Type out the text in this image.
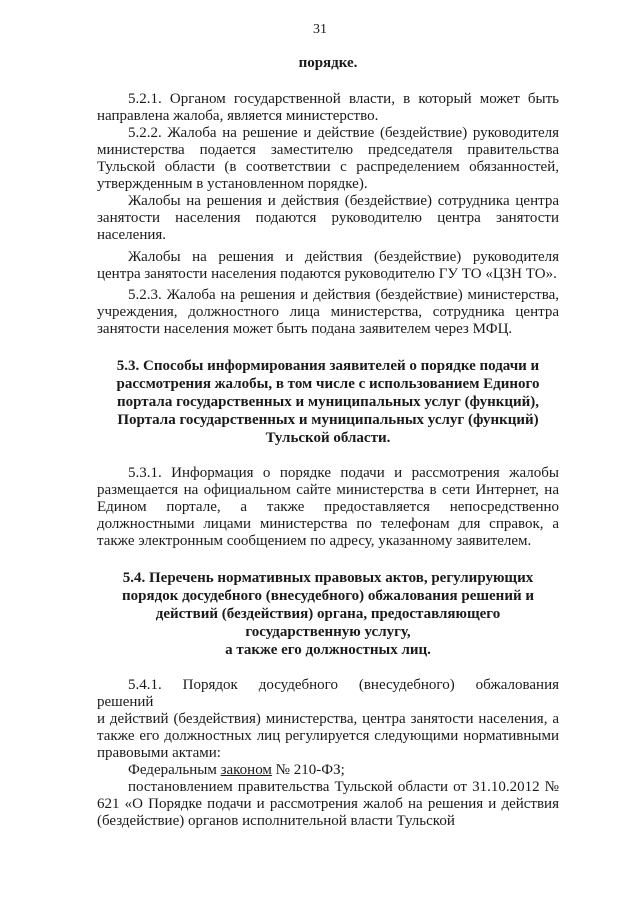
31

порядке.

5.2.1. Органом государственной власти, в который может быть направлена жалоба, является министерство.

5.2.2. Жалоба на решение и действие (бездействие) руководителя министерства подается заместителю председателя правительства Тульской области (в соответствии с распределением обязанностей, утвержденным в установленном порядке).

Жалобы на решения и действия (бездействие) сотрудника центра занятости населения подаются руководителю центра занятости населения.

Жалобы на решения и действия (бездействие) руководителя центра занятости населения подаются руководителю ГУ ТО «ЦЗН ТО».

5.2.3. Жалоба на решения и действия (бездействие) министерства, учреждения, должностного лица министерства, сотрудника центра занятости населения может быть подана заявителем через МФЦ.

5.3. Способы информирования заявителей о порядке подачи и
рассмотрения жалобы, в том числе с использованием Единого
портала государственных и муниципальных услуг (функций),
Портала государственных и муниципальных услуг (функций)
Тульской области.

5.3.1. Информация о порядке подачи и рассмотрения жалобы размещается на официальном сайте министерства в сети Интернет, на Едином портале, а также предоставляется непосредственно должностными лицами министерства по телефонам для справок, а также электронным сообщением по адресу, указанному заявителем.

5.4. Перечень нормативных правовых актов, регулирующих
порядок досудебного (внесудебного) обжалования решений и
действий (бездействия) органа, предоставляющего
государственную услугу,
а также его должностных лиц.

5.4.1. Порядок досудебного (внесудебного) обжалования

решений

и действий (бездействия) министерства, центра занятости населения, а также его должностных лиц регулируется следующими нормативными правовыми актами:

Федеральным законом № 210-ФЗ;

постановлением правительства Тульской области от 31.10.2012 № 621 «О Порядке подачи и рассмотрения жалоб на решения и действия (бездействие) органов исполнительной власти Тульской
